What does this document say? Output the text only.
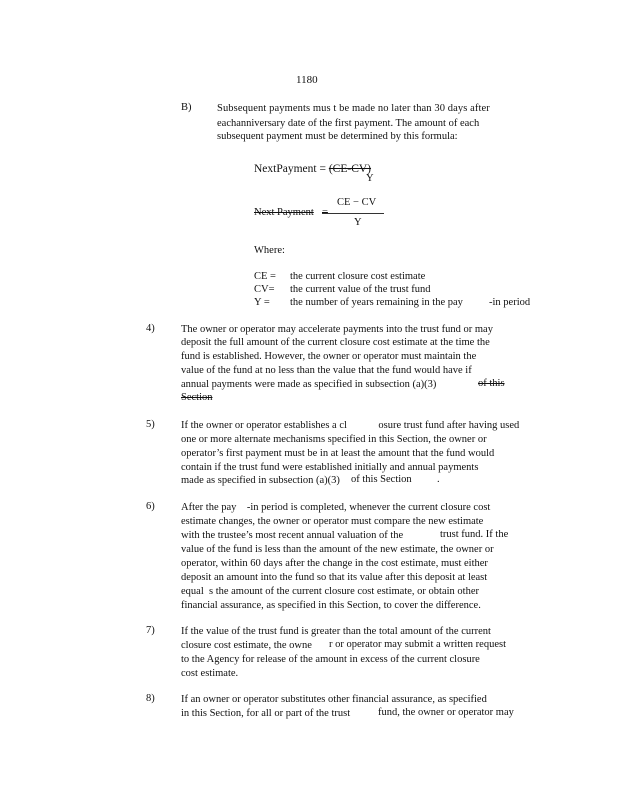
1180
B) Subsequent payments mus t be made no later than 30 days after
eachanniversary date of the first payment. The amount of each
subsequent payment must be determined by this formula:
NextPayment = (CE-CV)
Y
Next Payment
CE − CV
Y
Where:
CE = the current closure cost estimate
CV= the current value of the trust fund
Y = the number of years remaining in the pay -in period
4)	The owner or operator may accelerate payments into the trust fund or may
deposit the full amount of the current closure cost estimate at the time the
fund is established. However, the owner or operator must maintain the
value of the fund at no less than the value that the fund would have if
annual payments were made as specified in subsection (a)(3)	of this
Section
5)	If the owner or operator establishes a cl            osure trust fund after having used
one or more alternate mechanisms specified in this Section, the owner or
operator’s first payment must be in at least the amount that the fund would
contain if the trust fund were established initially and annual payments
made as specified in subsection (a)(3) of this Section .
6)	After the pay    -in period is completed, whenever the current closure cost
estimate changes, the owner or operator must compare the new estimate
with the trustee’s most recent annual valuation of the	trust fund. If the
value of the fund is less than the amount of the new estimate, the owner or
operator, within 60 days after the change in the cost estimate, must either
deposit an amount into the fund so that its value after this deposit at least
equal  s the amount of the current closure cost estimate, or obtain other
financial assurance, as specified in this Section, to cover the difference.
7)	If the value of the trust fund is greater than the total amount of the current
closure cost estimate, the owne r or operator may submit a written request
to the Agency for release of the amount in excess of the current closure
cost estimate.
8)	If an owner or operator substitutes other financial assurance, as specified
in this Section, for all or part of the trust	fund, the owner or operator may
